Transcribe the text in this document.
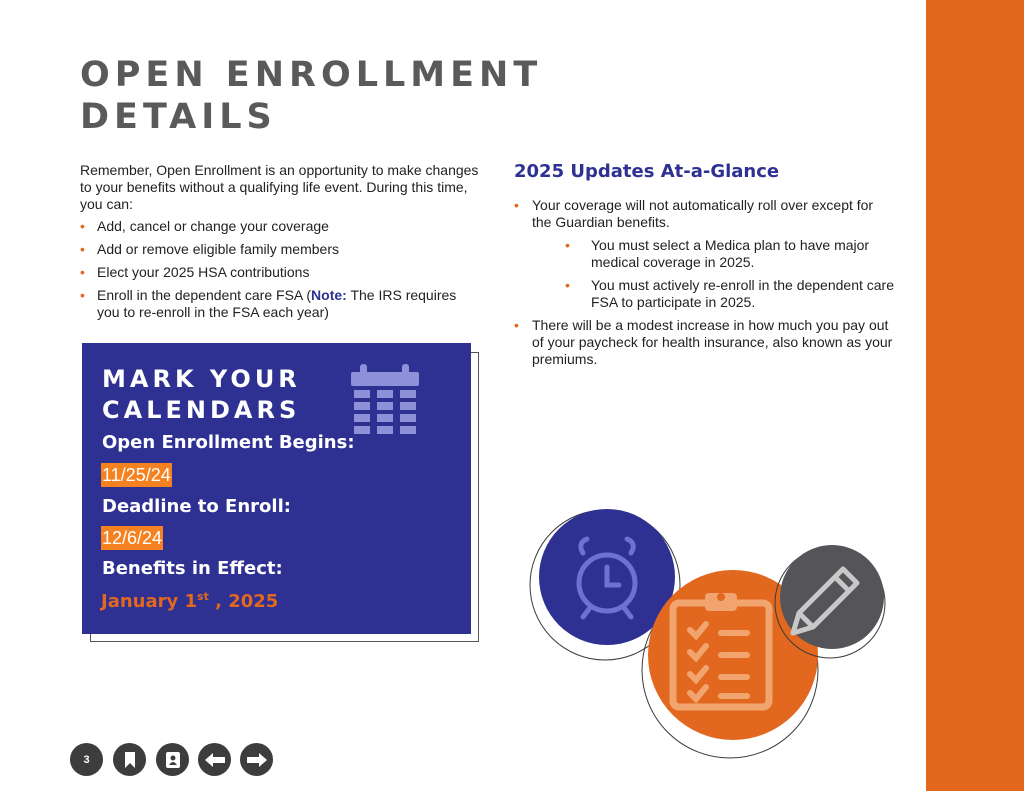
OPEN ENROLLMENT DETAILS

Remember, Open Enrollment is an opportunity to make changes to your benefits without a qualifying life event. During this time, you can:

• Add, cancel or change your coverage
• Add or remove eligible family members
• Elect your 2025 HSA contributions
• Enroll in the dependent care FSA (Note: The IRS requires you to re-enroll in the FSA each year)
2025 Updates At-a-Glance
• Your coverage will not automatically roll over except for the Guardian benefits.
• You must select a Medica plan to have major medical coverage in 2025.
• You must actively re-enroll in the dependent care FSA to participate in 2025.
• There will be a modest increase in how much you pay out of your paycheck for health insurance, also known as your premiums.
MARK YOUR CALENDARS
Open Enrollment Begins:
11/25/24
Deadline to Enroll:
12/6/24
Benefits in Effect:
January 1st , 2025
3
